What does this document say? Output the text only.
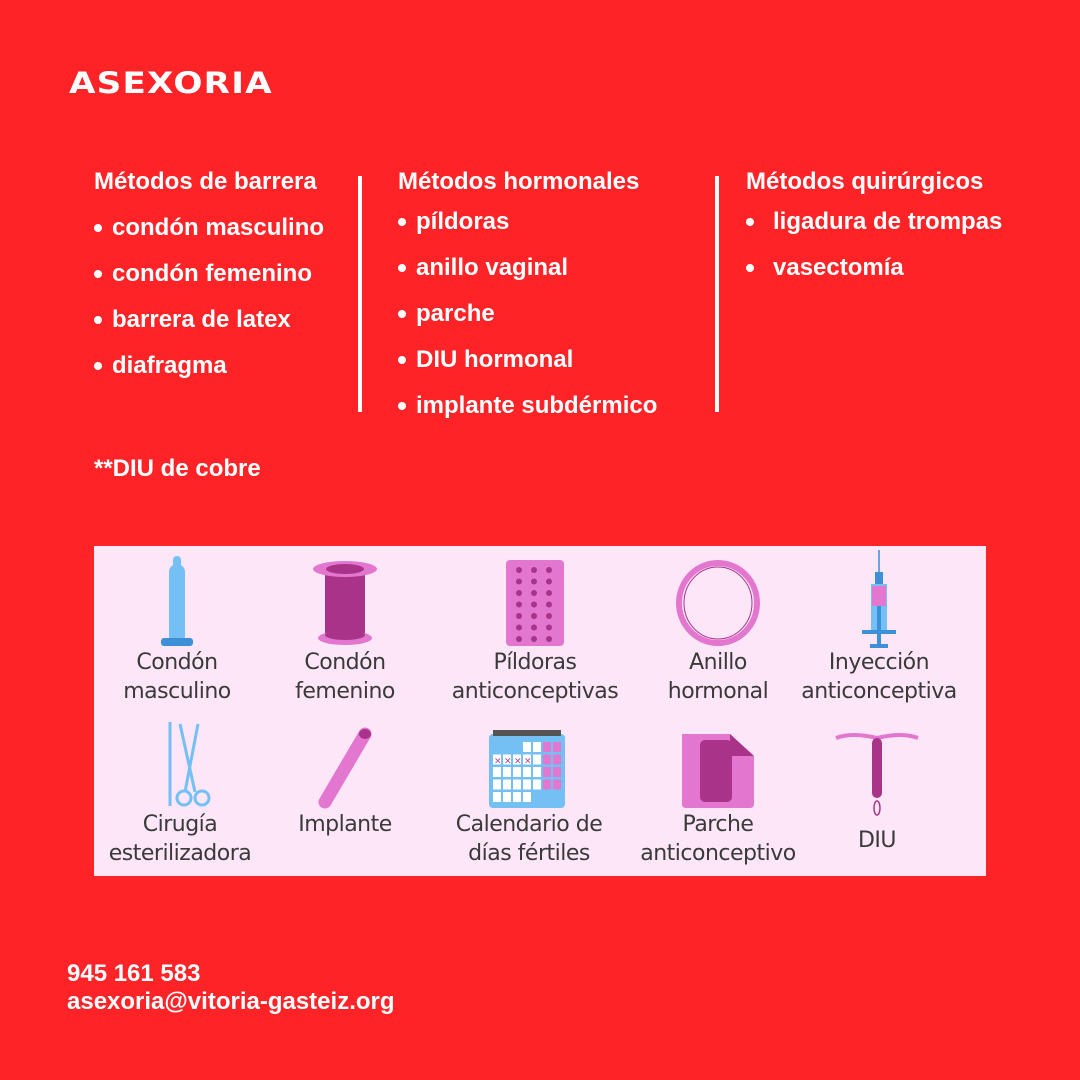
ASEXORIA
Métodos de barrera
condón masculino
condón femenino
barrera de latex
diafragma
Métodos hormonales
píldoras
anillo vaginal
parche
DIU hormonal
implante subdérmico
Métodos quirúrgicos
ligadura de trompas
vasectomía
**DIU de cobre
Condón
masculino
Condón
femenino
Píldoras
anticonceptivas
Anillo
hormonal
Inyección
anticonceptiva
Cirugía
esterilizadora
Implante
× × × ×
Calendario de
días fértiles
Parche
anticonceptivo
DIU
945 161 583
asexoria@vitoria-gasteiz.org
